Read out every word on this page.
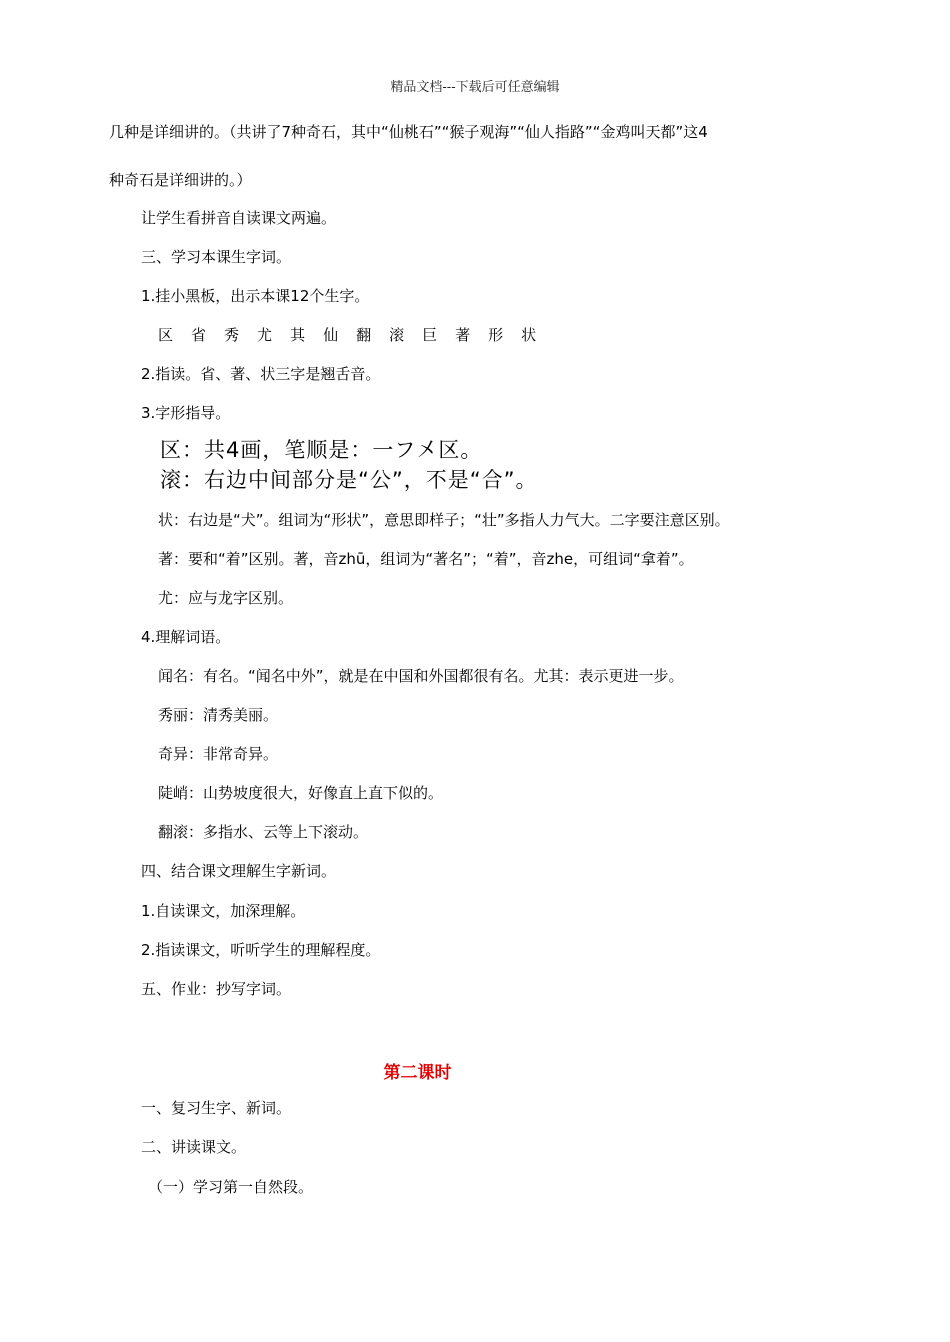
精品文档---下载后可任意编辑
几种是详细讲的。（共讲了7种奇石，其中“仙桃石”“猴子观海”“仙人指路”“金鸡叫天都”这4
种奇石是详细讲的。）
让学生看拼音自读课文两遍。
三、学习本课生字词。
1.挂小黑板，出示本课12个生字。
区 省 秀 尤 其 仙 翻 滚 巨 著 形 状
2.指读。省、著、状三字是翘舌音。
3.字形指导。
区：共4画，笔顺是：一フ㐅区。
滚：右边中间部分是“公”，不是“合”。
状：右边是“犬”。组词为“形状”，意思即样子；“壮”多指人力气大。二字要注意区别。
著：要和“着”区别。著，音zhū，组词为“著名”；“着”，音zhe，可组词“拿着”。
尤：应与龙字区别。
4.理解词语。
闻名：有名。“闻名中外”，就是在中国和外国都很有名。尤其：表示更进一步。
秀丽：清秀美丽。
奇异：非常奇异。
陡峭：山势坡度很大，好像直上直下似的。
翻滚：多指水、云等上下滚动。
四、结合课文理解生字新词。
1.自读课文，加深理解。
2.指读课文，听听学生的理解程度。
五、作业：抄写字词。
第二课时
一、复习生字、新词。
二、讲读课文。
（一）学习第一自然段。
